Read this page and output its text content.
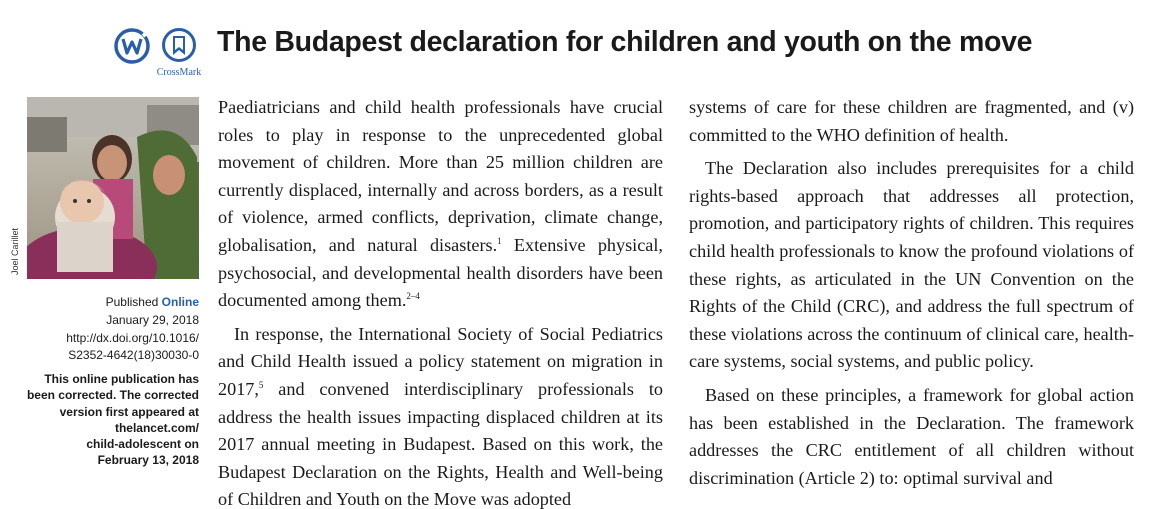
CrossMark
The Budapest declaration for children and youth on the move
Joel Carillet
Published Online
January 29, 2018
http://dx.doi.org/10.1016/
S2352-4642(18)30030-0
This online publication has
been corrected. The corrected
version first appeared at
thelancet.com/
child-adolescent on
February 13, 2018

Paediatricians and child health professionals have crucial roles to play in response to the unprecedented global movement of children. More than 25 million children are currently displaced, internally and across borders, as a result of violence, armed conflicts, deprivation, climate change, globalisation, and natural disasters.$^1$ Extensive physical, psychosocial, and developmental health disorders have been documented among them.$^{2-4}$

In response, the International Society of Social Pediatrics and Child Health issued a policy statement on migration in 2017,$^5$ and convened interdisciplinary professionals to address the health issues impacting displaced children at its 2017 annual meeting in Budapest. Based on this work, the Budapest Declaration on the Rights, Health and Well-being of Children and Youth on the Move was adopted

systems of care for these children are fragmented, and (v) committed to the WHO definition of health.

The Declaration also includes prerequisites for a child rights-based approach that addresses all protection, promotion, and participatory rights of children. This requires child health professionals to know the profound violations of these rights, as articulated in the UN Convention on the Rights of the Child (CRC), and address the full spectrum of these violations across the continuum of clinical care, health-care systems, social systems, and public policy.

Based on these principles, a framework for global action has been established in the Declaration. The framework addresses the CRC entitlement of all children without discrimination (Article 2) to: optimal survival and
